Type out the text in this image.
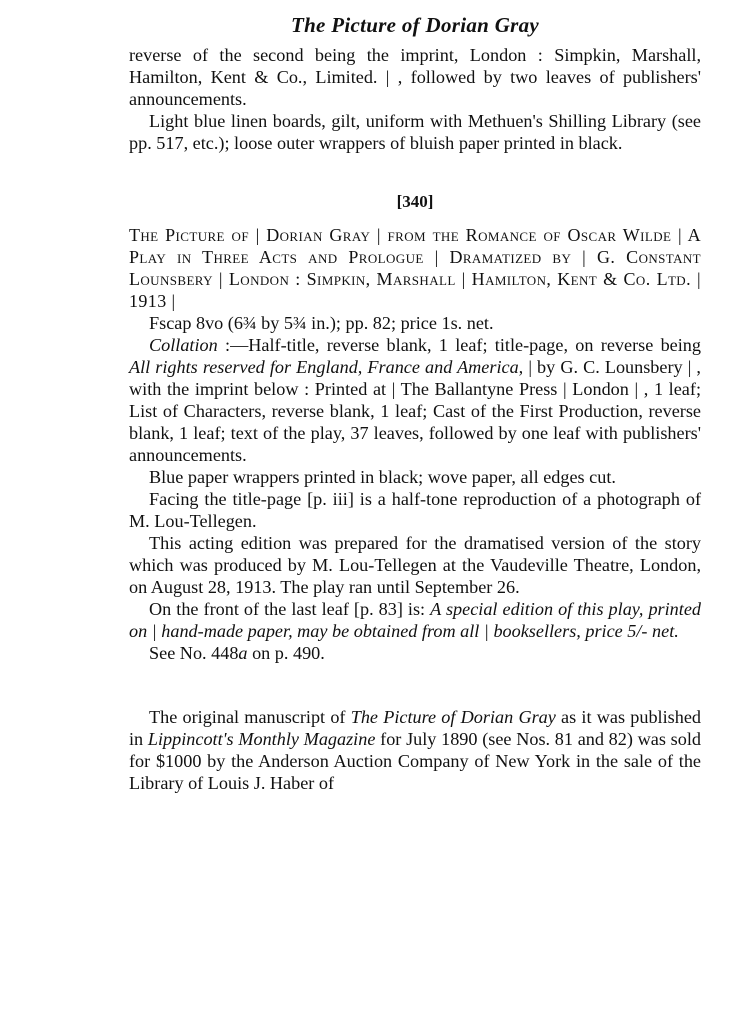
The Picture of Dorian Gray

reverse of the second being the imprint, London : Simpkin, Marshall, Hamilton, Kent & Co., Limited. | , followed by two leaves of publishers' announcements.

Light blue linen boards, gilt, uniform with Methuen's Shilling Library (see pp. 517, etc.); loose outer wrappers of bluish paper printed in black.

[340]

The Picture of | Dorian Gray | from the Romance of Oscar Wilde | A Play in Three Acts and Prologue | Dramatized by | G. Constant Lounsbery | London : Simpkin, Marshall | Hamilton, Kent & Co. Ltd. | 1913 |

Fscap 8vo (6¾ by 5¾ in.); pp. 82; price 1s. net.

Collation :—Half-title, reverse blank, 1 leaf; title-page, on reverse being All rights reserved for England, France and America, | by G. C. Lounsbery | , with the imprint below : Printed at | The Ballantyne Press | London | , 1 leaf; List of Characters, reverse blank, 1 leaf; Cast of the First Production, reverse blank, 1 leaf; text of the play, 37 leaves, followed by one leaf with publishers' announcements.

Blue paper wrappers printed in black; wove paper, all edges cut.

Facing the title-page [p. iii] is a half-tone reproduction of a photograph of M. Lou-Tellegen.

This acting edition was prepared for the dramatised version of the story which was produced by M. Lou-Tellegen at the Vaudeville Theatre, London, on August 28, 1913. The play ran until September 26.

On the front of the last leaf [p. 83] is: A special edition of this play, printed on | hand-made paper, may be obtained from all | booksellers, price 5/- net.

See No. 448a on p. 490.

The original manuscript of The Picture of Dorian Gray as it was published in Lippincott's Monthly Magazine for July 1890 (see Nos. 81 and 82) was sold for $1000 by the Anderson Auction Company of New York in the sale of the Library of Louis J. Haber of
